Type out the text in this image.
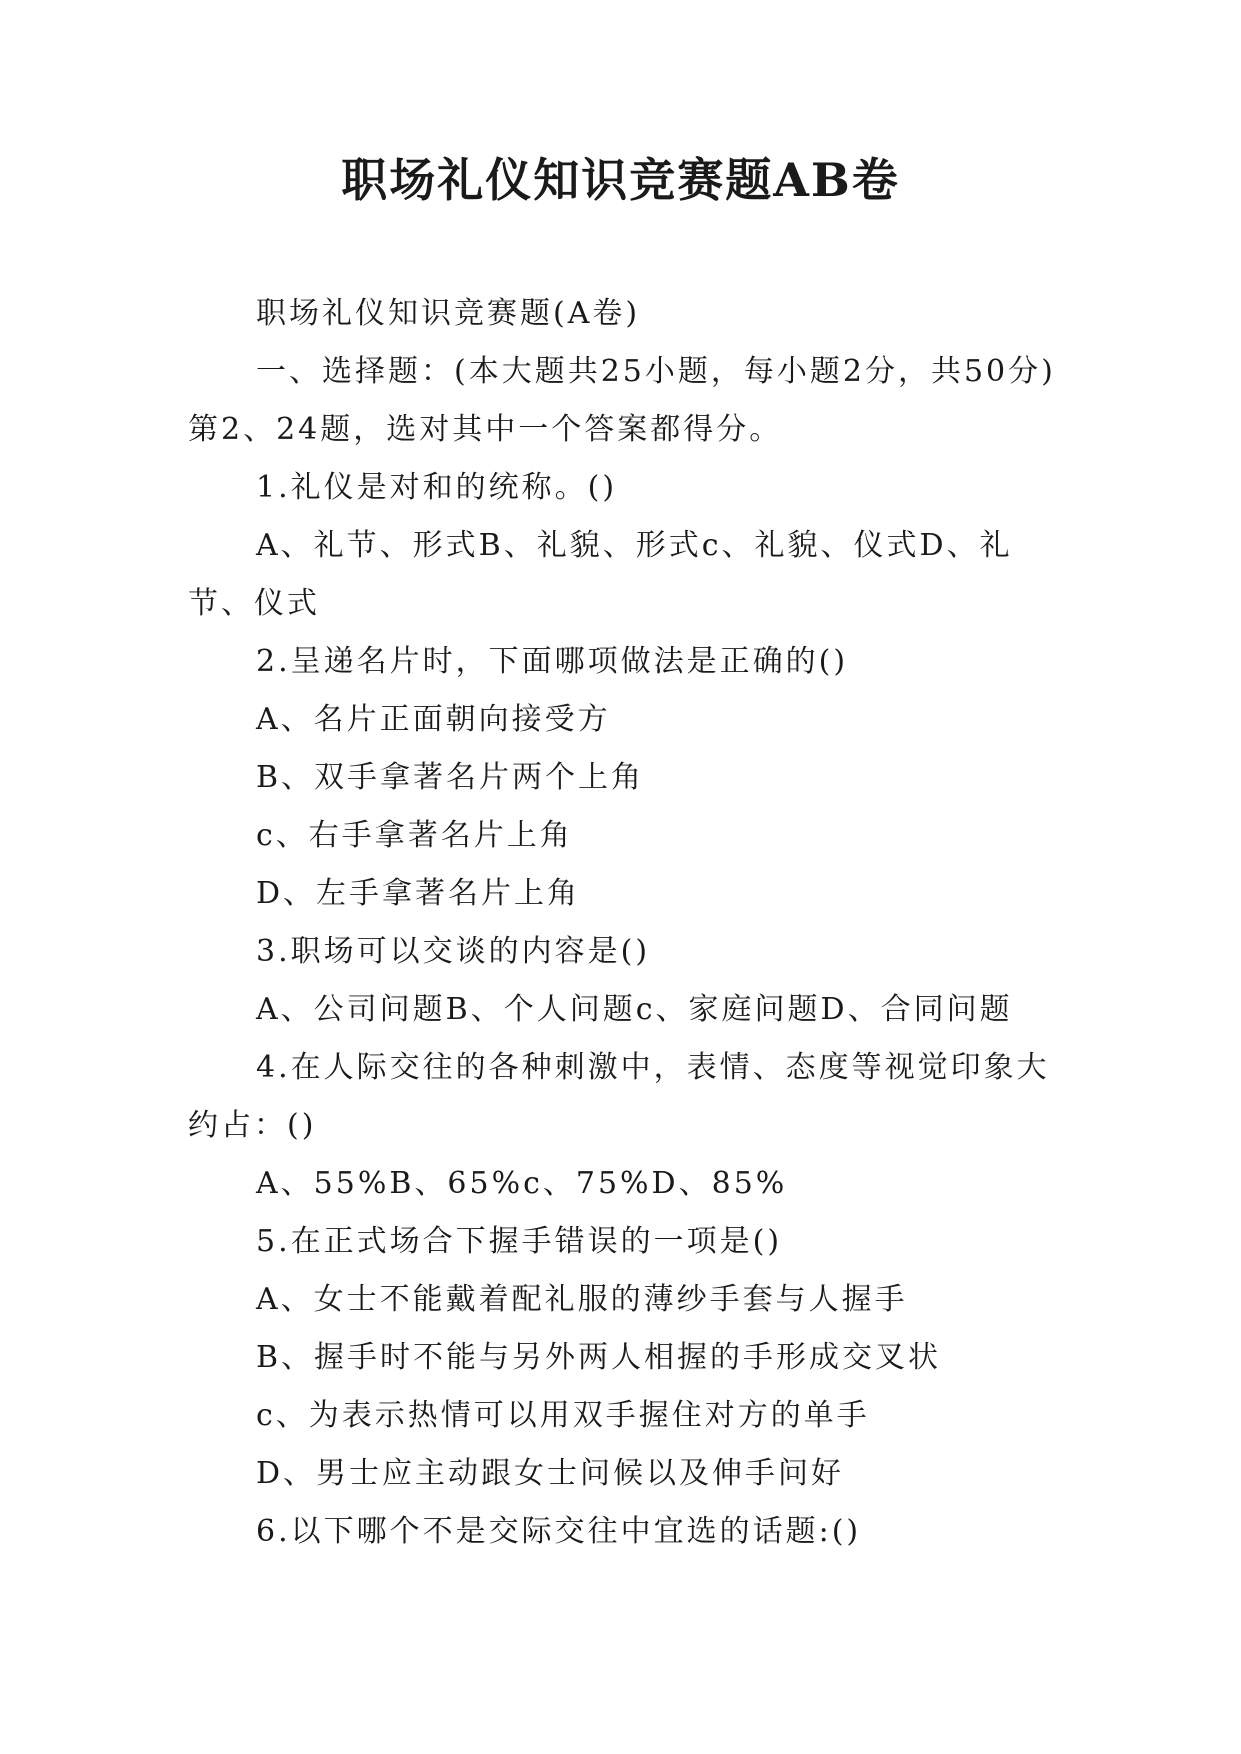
职场礼仪知识竞赛题AB卷

职场礼仪知识竞赛题(A卷)

一、选择题：(本大题共25小题，每小题2分，共50分)第2、24题，选对其中一个答案都得分。

1.礼仪是对和的统称。()

A、礼节、形式B、礼貌、形式c、礼貌、仪式D、礼节、仪式

2.呈递名片时，下面哪项做法是正确的()

A、名片正面朝向接受方

B、双手拿著名片两个上角

c、右手拿著名片上角

D、左手拿著名片上角

3.职场可以交谈的内容是()

A、公司问题B、个人问题c、家庭问题D、合同问题

4.在人际交往的各种刺激中，表情、态度等视觉印象大约占：()

A、55%B、65%c、75%D、85%

5.在正式场合下握手错误的一项是()

A、女士不能戴着配礼服的薄纱手套与人握手

B、握手时不能与另外两人相握的手形成交叉状

c、为表示热情可以用双手握住对方的单手

D、男士应主动跟女士问候以及伸手问好

6.以下哪个不是交际交往中宜选的话题:()
